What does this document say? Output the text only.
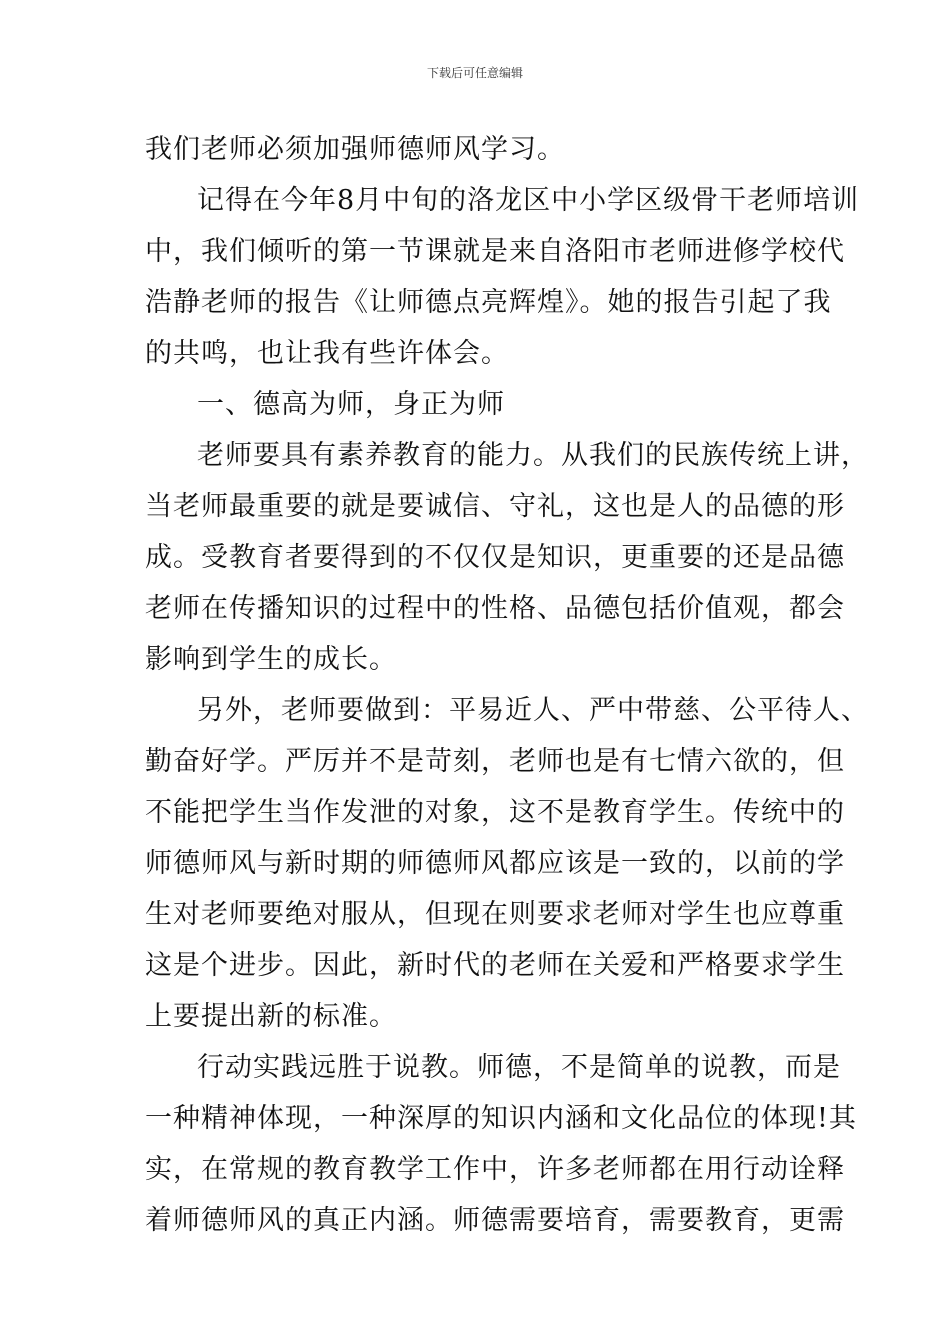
下载后可任意编辑
我们老师必须加强师德师风学习。
记得在今年8月中旬的洛龙区中小学区级骨干老师培训
中，我们倾听的第一节课就是来自洛阳市老师进修学校代
浩静老师的报告《让师德点亮辉煌》。她的报告引起了我
的共鸣，也让我有些许体会。
一、德高为师，身正为师
老师要具有素养教育的能力。从我们的民族传统上讲，
当老师最重要的就是要诚信、守礼，这也是人的品德的形
成。受教育者要得到的不仅仅是知识，更重要的还是品德
老师在传播知识的过程中的性格、品德包括价值观，都会
影响到学生的成长。
另外，老师要做到：平易近人、严中带慈、公平待人、
勤奋好学。严厉并不是苛刻，老师也是有七情六欲的，但
不能把学生当作发泄的对象，这不是教育学生。传统中的
师德师风与新时期的师德师风都应该是一致的，以前的学
生对老师要绝对服从，但现在则要求老师对学生也应尊重
这是个进步。因此，新时代的老师在关爱和严格要求学生
上要提出新的标准。
行动实践远胜于说教。师德，不是简单的说教，而是
一种精神体现，一种深厚的知识内涵和文化品位的体现!其
实，在常规的教育教学工作中，许多老师都在用行动诠释
着师德师风的真正内涵。师德需要培育，需要教育，更需
